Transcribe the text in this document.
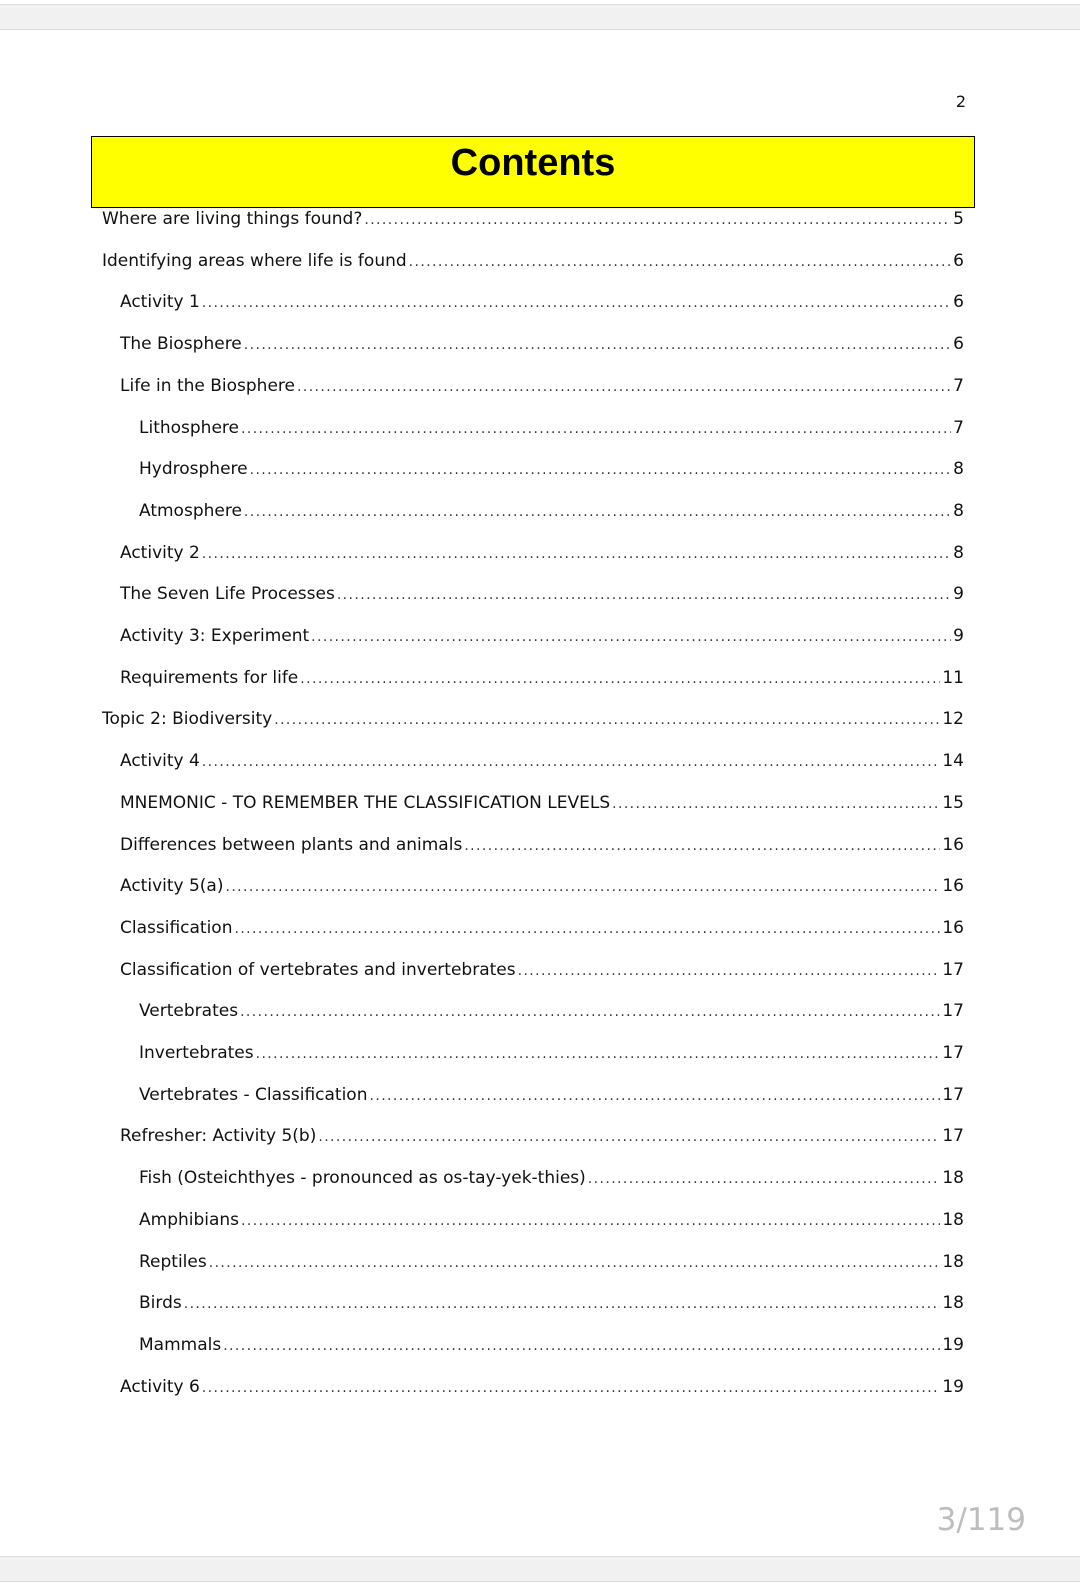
2
Contents
Where are living things found? .....	5
Identifying areas where life is found .....	6
Activity 1 .....	6
The Biosphere .....	6
Life in the Biosphere .....	7
Lithosphere .....	7
Hydrosphere .....	8
Atmosphere .....	8
Activity 2 .....	8
The Seven Life Processes .....	9
Activity 3: Experiment .....	9
Requirements for life .....	11
Topic 2: Biodiversity .....	12
Activity 4 .....	14
MNEMONIC - TO REMEMBER THE CLASSIFICATION LEVELS .....	15
Differences between plants and animals .....	16
Activity 5(a) .....	16
Classification .....	16
Classification of vertebrates and invertebrates .....	17
Vertebrates .....	17
Invertebrates .....	17
Vertebrates - Classification .....	17
Refresher: Activity 5(b) .....	17
Fish (Osteichthyes - pronounced as os-tay-yek-thies) .....	18
Amphibians .....	18
Reptiles .....	18
Birds .....	18
Mammals .....	19
Activity 6 .....	19
3/119
